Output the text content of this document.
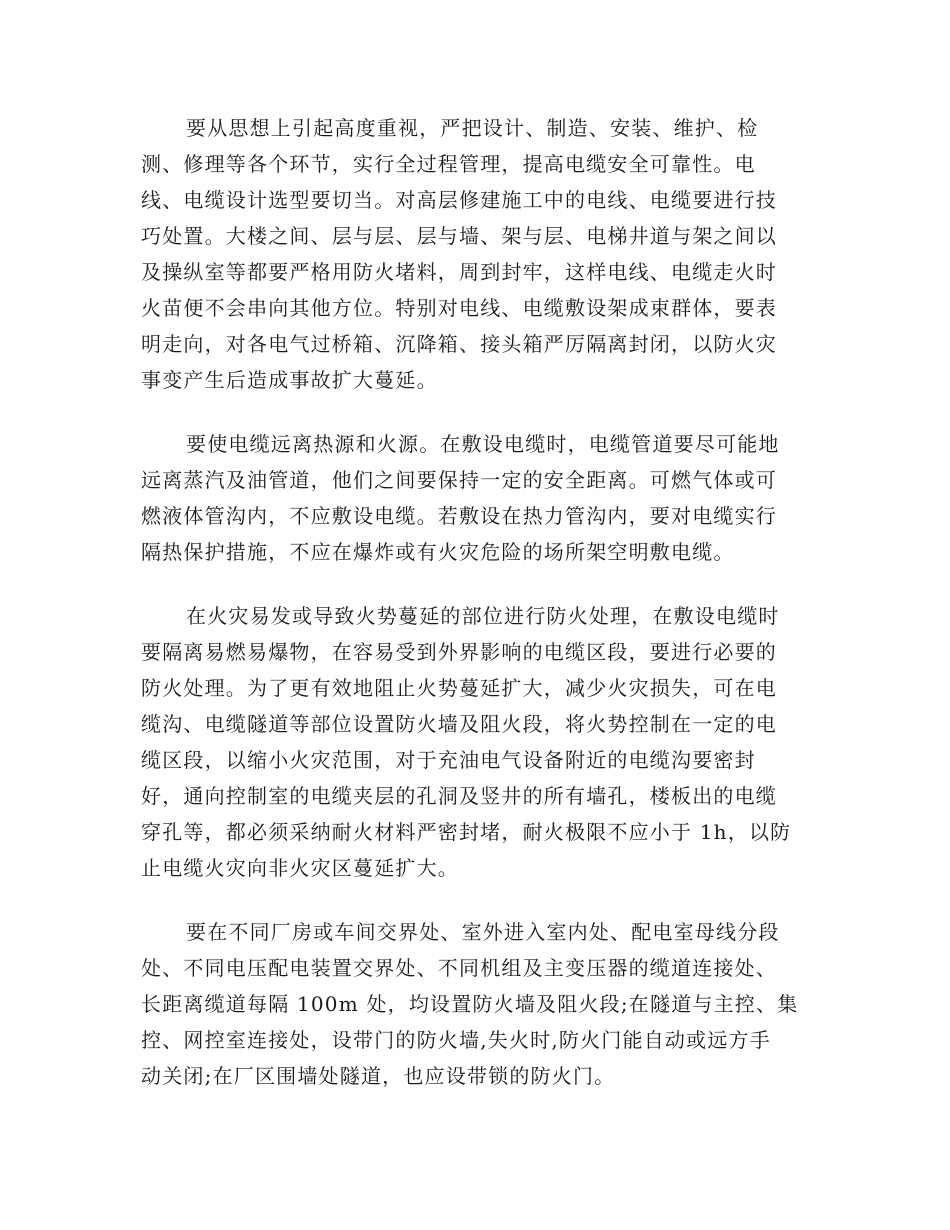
要从思想上引起高度重视，严把设计、制造、安装、维护、检
测、修理等各个环节，实行全过程管理，提高电缆安全可靠性。电
线、电缆设计选型要切当。对高层修建施工中的电线、电缆要进行技
巧处置。大楼之间、层与层、层与墙、架与层、电梯井道与架之间以
及操纵室等都要严格用防火堵料，周到封牢，这样电线、电缆走火时
火苗便不会串向其他方位。特别对电线、电缆敷设架成束群体，要表
明走向，对各电气过桥箱、沉降箱、接头箱严厉隔离封闭，以防火灾
事变产生后造成事故扩大蔓延。
要使电缆远离热源和火源。在敷设电缆时，电缆管道要尽可能地
远离蒸汽及油管道，他们之间要保持一定的安全距离。可燃气体或可
燃液体管沟内，不应敷设电缆。若敷设在热力管沟内，要对电缆实行
隔热保护措施，不应在爆炸或有火灾危险的场所架空明敷电缆。
在火灾易发或导致火势蔓延的部位进行防火处理，在敷设电缆时
要隔离易燃易爆物，在容易受到外界影响的电缆区段，要进行必要的
防火处理。为了更有效地阻止火势蔓延扩大，减少火灾损失，可在电
缆沟、电缆隧道等部位设置防火墙及阻火段，将火势控制在一定的电
缆区段，以缩小火灾范围，对于充油电气设备附近的电缆沟要密封
好，通向控制室的电缆夹层的孔洞及竖井的所有墙孔，楼板出的电缆
穿孔等，都必须采纳耐火材料严密封堵，耐火极限不应小于 1h，以防
止电缆火灾向非火灾区蔓延扩大。
要在不同厂房或车间交界处、室外进入室内处、配电室母线分段
处、不同电压配电装置交界处、不同机组及主变压器的缆道连接处、
长距离缆道每隔 100m 处，均设置防火墙及阻火段;在隧道与主控、集
控、网控室连接处，设带门的防火墙,失火时,防火门能自动或远方手
动关闭;在厂区围墙处隧道，也应设带锁的防火门。
